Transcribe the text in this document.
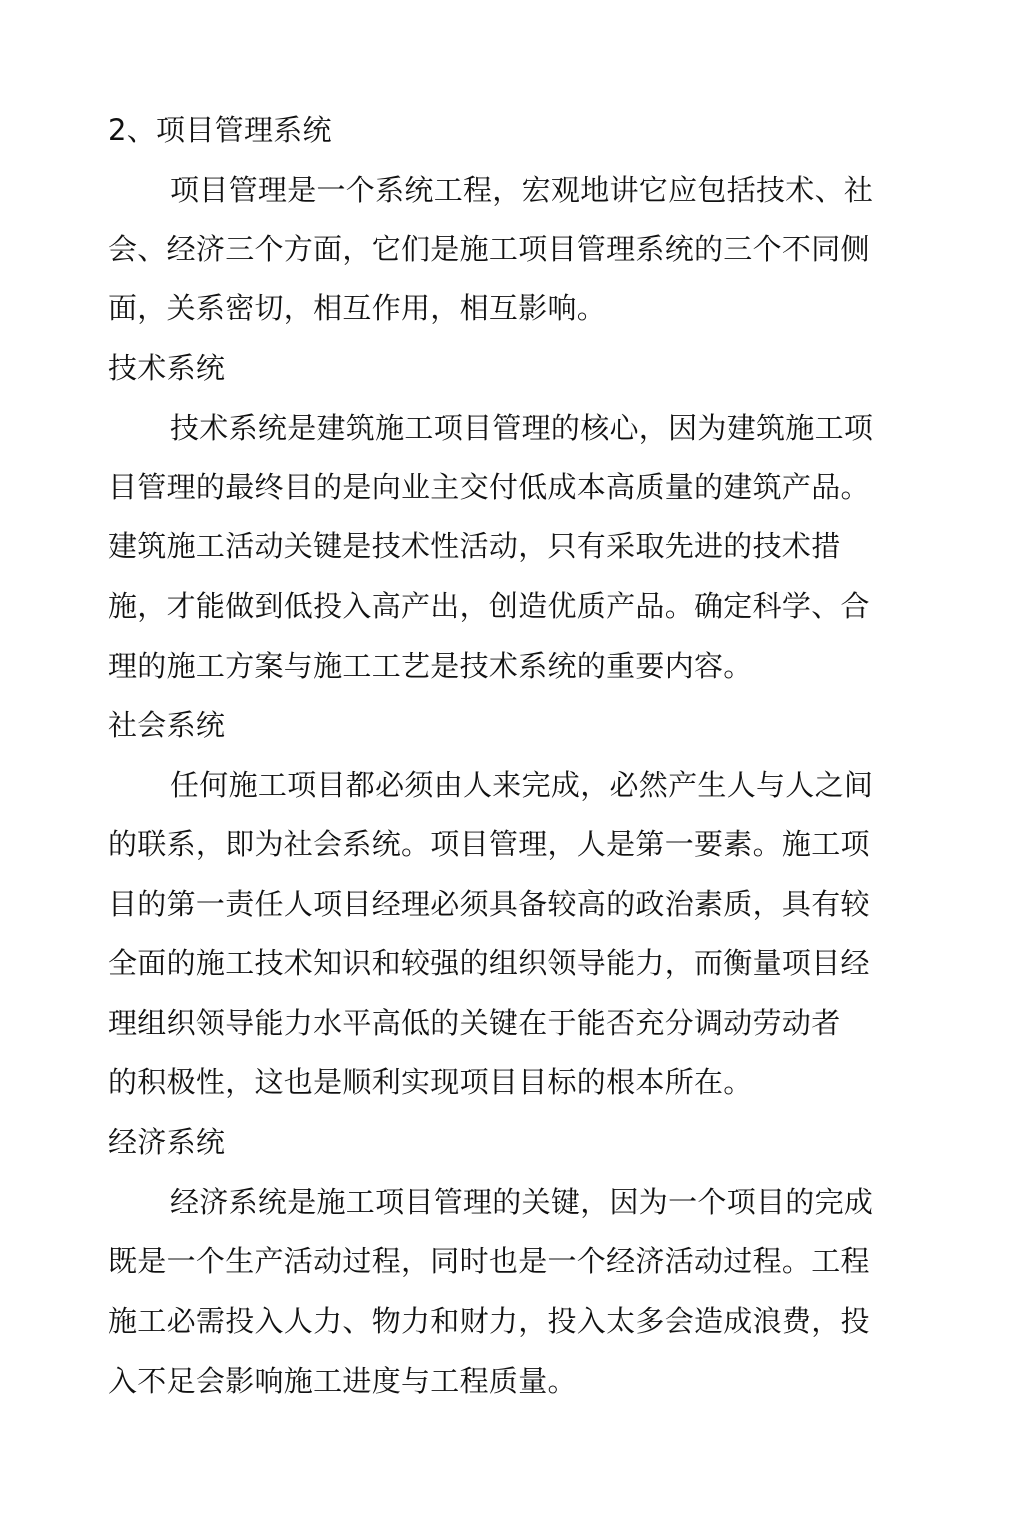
2、项目管理系统
项目管理是一个系统工程，宏观地讲它应包括技术、社
会、经济三个方面，它们是施工项目管理系统的三个不同侧
面，关系密切，相互作用，相互影响。
技术系统
技术系统是建筑施工项目管理的核心，因为建筑施工项
目管理的最终目的是向业主交付低成本高质量的建筑产品。
建筑施工活动关键是技术性活动，只有采取先进的技术措
施，才能做到低投入高产出，创造优质产品。确定科学、合
理的施工方案与施工工艺是技术系统的重要内容。
社会系统
任何施工项目都必须由人来完成，必然产生人与人之间
的联系，即为社会系统。项目管理，人是第一要素。施工项
目的第一责任人项目经理必须具备较高的政治素质，具有较
全面的施工技术知识和较强的组织领导能力，而衡量项目经
理组织领导能力水平高低的关键在于能否充分调动劳动者
的积极性，这也是顺利实现项目目标的根本所在。
经济系统
经济系统是施工项目管理的关键，因为一个项目的完成
既是一个生产活动过程，同时也是一个经济活动过程。工程
施工必需投入人力、物力和财力，投入太多会造成浪费，投
入不足会影响施工进度与工程质量。
